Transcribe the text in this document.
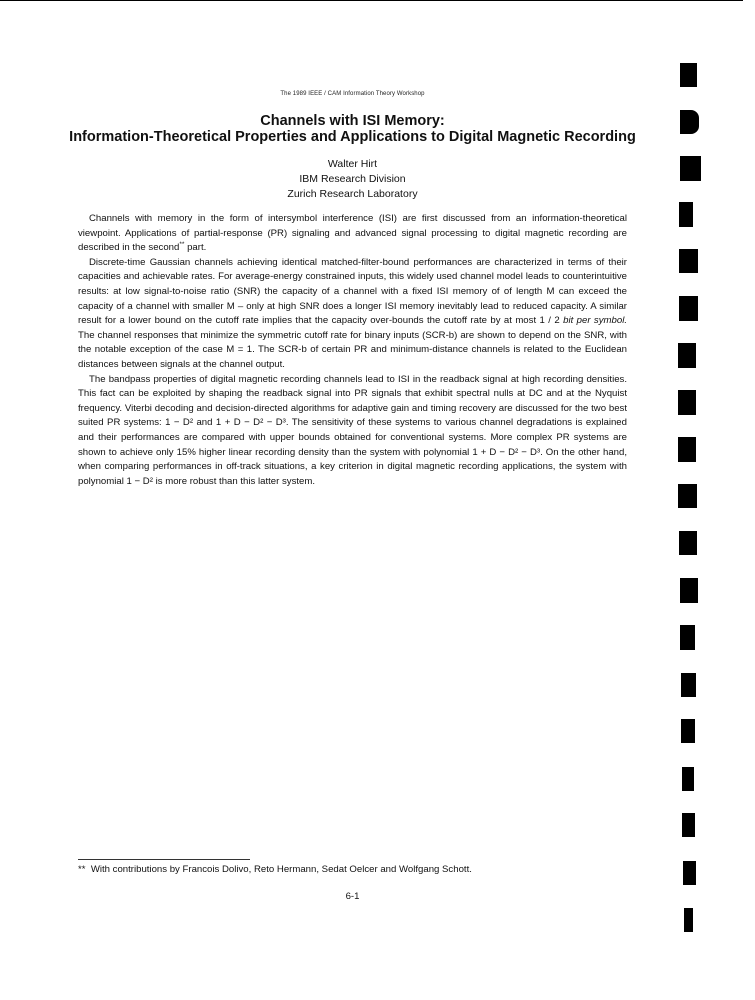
The 1989 IEEE / CAM Information Theory Workshop
Channels with ISI Memory:
Information-Theoretical Properties and Applications to Digital Magnetic Recording
Walter Hirt
IBM Research Division
Zurich Research Laboratory

Channels with memory in the form of intersymbol interference (ISI) are first discussed from an information-theoretical viewpoint. Applications of partial-response (PR) signaling and advanced signal processing to digital magnetic recording are described in the second** part.

Discrete-time Gaussian channels achieving identical matched-filter-bound performances are characterized in terms of their capacities and achievable rates. For average-energy constrained inputs, this widely used channel model leads to counterintuitive results: at low signal-to-noise ratio (SNR) the capacity of a channel with a fixed ISI memory of of length M can exceed the capacity of a channel with smaller M – only at high SNR does a longer ISI memory inevitably lead to reduced capacity. A similar result for a lower bound on the cutoff rate implies that the capacity over-bounds the cutoff rate by at most 1 / 2 bit per symbol. The channel responses that minimize the symmetric cutoff rate for binary inputs (SCR-b) are shown to depend on the SNR, with the notable exception of the case M = 1. The SCR-b of certain PR and minimum-distance channels is related to the Euclidean distances between signals at the channel output.

The bandpass properties of digital magnetic recording channels lead to ISI in the readback signal at high recording densities. This fact can be exploited by shaping the readback signal into PR signals that exhibit spectral nulls at DC and at the Nyquist frequency. Viterbi decoding and decision-directed algorithms for adaptive gain and timing recovery are discussed for the two best suited PR systems: 1 − D² and 1 + D − D² − D³. The sensitivity of these systems to various channel degradations is explained and their performances are compared with upper bounds obtained for conventional systems. More complex PR systems are shown to achieve only 15% higher linear recording density than the system with polynomial 1 + D − D² − D³. On the other hand, when comparing performances in off-track situations, a key criterion in digital magnetic recording applications, the system with polynomial 1 − D² is more robust than this latter system.

** With contributions by Francois Dolivo, Reto Hermann, Sedat Oelcer and Wolfgang Schott.
6-1
